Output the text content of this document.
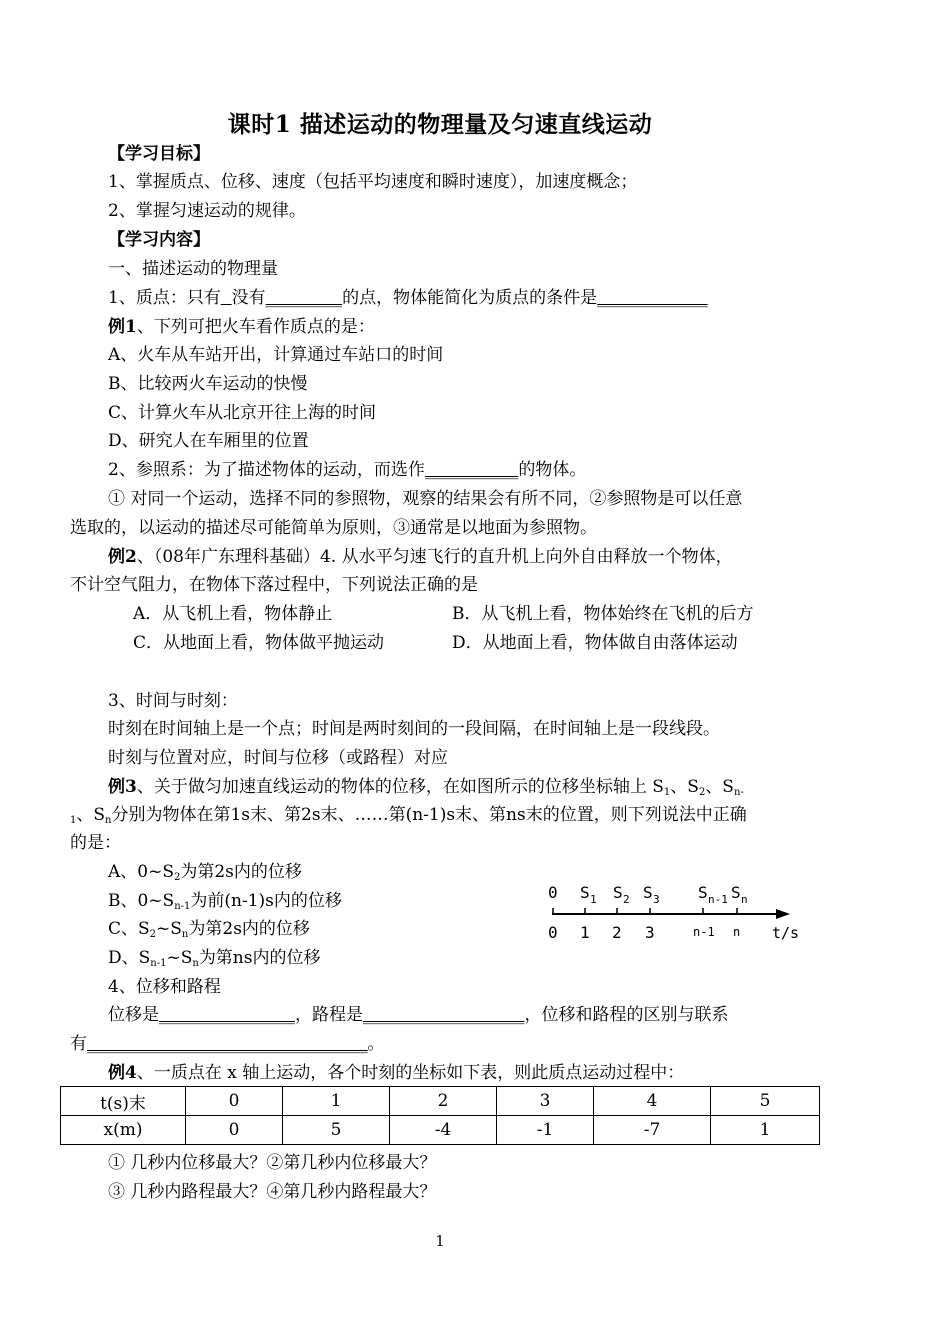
课时1 描述运动的物理量及匀速直线运动
【学习目标】
1、掌握质点、位移、速度（包括平均速度和瞬时速度），加速度概念；
2、掌握匀速运动的规律。
【学习内容】
一、描述运动的物理量
1、质点：只有 没有_________的点，物体能简化为质点的条件是_____________
例1、下列可把火车看作质点的是：
A、火车从车站开出，计算通过车站口的时间
B、比较两火车运动的快慢
C、计算火车从北京开往上海的时间
D、研究人在车厢里的位置
2、参照系：为了描述物体的运动，而选作___________的物体。
① 对同一个运动，选择不同的参照物，观察的结果会有所不同，②参照物是可以任意
选取的，以运动的描述尽可能简单为原则，③通常是以地面为参照物。
例2、（08年广东理科基础）4. 从水平匀速飞行的直升机上向外自由释放一个物体，
不计空气阻力，在物体下落过程中，下列说法正确的是
A．从飞机上看，物体静止	B．从飞机上看，物体始终在飞机的后方
C．从地面上看，物体做平抛运动	D．从地面上看，物体做自由落体运动
3、时间与时刻：
时刻在时间轴上是一个点；时间是两时刻间的一段间隔，在时间轴上是一段线段。
时刻与位置对应，时间与位移（或路程）对应
例3、关于做匀加速直线运动的物体的位移，在如图所示的位移坐标轴上 $S_1$、$S_2$、$S_{n-}$
$_1$、$S_n$分别为物体在第1s末、第2s末、……第(n-1)s末、第ns末的位置，则下列说法中正确
的是：
A、$0\sim S_2$为第2s内的位移
B、$0\sim S_{n-1}$为前(n-1)s内的位移
C、$S_2\sim S_n$为第2s内的位移
D、$S_{n-1}\sim S_n$为第ns内的位移
0 S 1 S 2 S 3 S n-1 S n
0 1 2 3	n-1 n t/s
4、位移和路程
位移是________________，路程是___________________，位移和路程的区别与联系
有_________________________________。
例4、一质点在 x 轴上运动，各个时刻的坐标如下表，则此质点运动过程中：
t(s)末	0	1	2	3	4	5
x(m)	0	5	-4	-1	-7	1
① 几秒内位移最大？②第几秒内位移最大？
③ 几秒内路程最大？④第几秒内路程最大？
1
